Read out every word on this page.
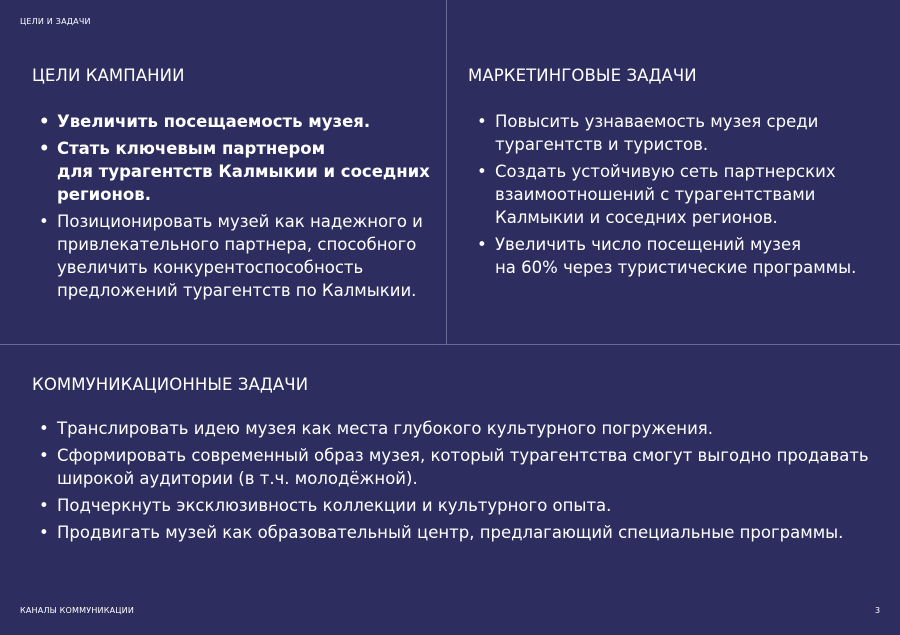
ЦЕЛИ И ЗАДАЧИ
ЦЕЛИ КАМПАНИИ
• Увеличить посещаемость музея.
• Стать ключевым партнером
для турагентств Калмыкии и соседних регионов.
• Позиционировать музей как надежного и привлекательного партнера, способного увеличить конкурентоспособность предложений турагентств по Калмыкии.
МАРКЕТИНГОВЫЕ ЗАДАЧИ
• Повысить узнаваемость музея среди турагентств и туристов.
• Создать устойчивую сеть партнерских взаимоотношений с турагентствами Калмыкии и соседних регионов.
• Увеличить число посещений музея
на 60% через туристические программы.
КОММУНИКАЦИОННЫЕ ЗАДАЧИ
• Транслировать идею музея как места глубокого культурного погружения.
• Сформировать современный образ музея, который турагентства смогут выгодно продавать широкой аудитории (в т.ч. молодёжной).
• Подчеркнуть эксклюзивность коллекции и культурного опыта.
• Продвигать музей как образовательный центр, предлагающий специальные программы.
КАНАЛЫ КОММУНИКАЦИИ	3
